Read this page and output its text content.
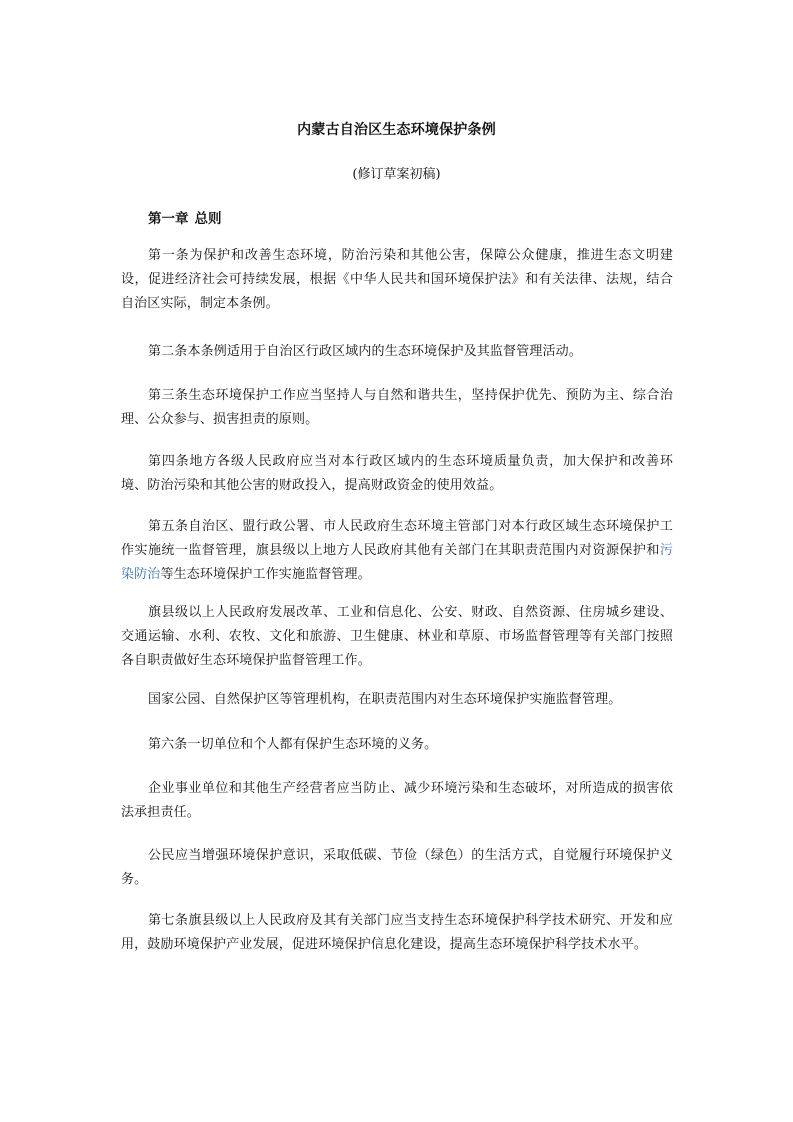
内蒙古自治区生态环境保护条例
(修订草案初稿)
第一章 总则

第一条为保护和改善生态环境，防治污染和其他公害，保障公众健康，推进生态文明建设，促进经济社会可持续发展，根据《中华人民共和国环境保护法》和有关法律、法规，结合自治区实际，制定本条例。

第二条本条例适用于自治区行政区域内的生态环境保护及其监督管理活动。

第三条生态环境保护工作应当坚持人与自然和谐共生，坚持保护优先、预防为主、综合治理、公众参与、损害担责的原则。

第四条地方各级人民政府应当对本行政区域内的生态环境质量负责，加大保护和改善环境、防治污染和其他公害的财政投入，提高财政资金的使用效益。

第五条自治区、盟行政公署、市人民政府生态环境主管部门对本行政区域生态环境保护工作实施统一监督管理，旗县级以上地方人民政府其他有关部门在其职责范围内对资源保护和污染防治等生态环境保护工作实施监督管理。

旗县级以上人民政府发展改革、工业和信息化、公安、财政、自然资源、住房城乡建设、交通运输、水利、农牧、文化和旅游、卫生健康、林业和草原、市场监督管理等有关部门按照各自职责做好生态环境保护监督管理工作。

国家公园、自然保护区等管理机构，在职责范围内对生态环境保护实施监督管理。

第六条一切单位和个人都有保护生态环境的义务。

企业事业单位和其他生产经营者应当防止、减少环境污染和生态破坏，对所造成的损害依法承担责任。

公民应当增强环境保护意识，采取低碳、节俭（绿色）的生活方式，自觉履行环境保护义务。

第七条旗县级以上人民政府及其有关部门应当支持生态环境保护科学技术研究、开发和应用，鼓励环境保护产业发展，促进环境保护信息化建设，提高生态环境保护科学技术水平。
